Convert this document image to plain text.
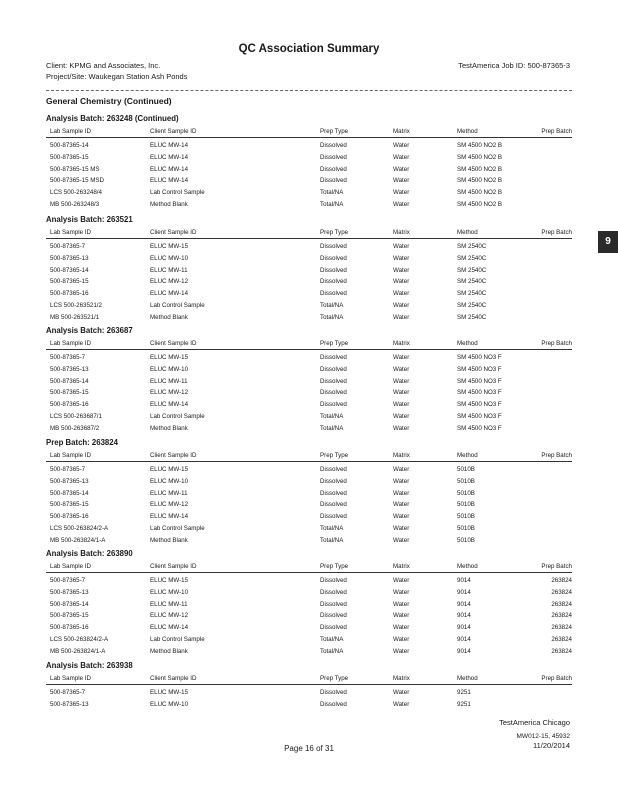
QC Association Summary
Client: KPMG and Associates, Inc.
Project/Site: Waukegan Station Ash Ponds
TestAmerica Job ID: 500-87365-3
General Chemistry (Continued)
Analysis Batch: 263248 (Continued)
Lab Sample ID	Client Sample ID	Prep Type	Matrix	Method	Prep Batch
500-87365-14	ELUC MW-14	Dissolved	Water	SM 4500 NO2 B
500-87365-15	ELUC MW-14	Dissolved	Water	SM 4500 NO2 B
500-87365-15 MS	ELUC MW-14	Dissolved	Water	SM 4500 NO2 B
500-87365-15 MSD	ELUC MW-14	Dissolved	Water	SM 4500 NO2 B
LCS 500-263248/4	Lab Control Sample	Total/NA	Water	SM 4500 NO2 B
MB 500-263248/3	Method Blank	Total/NA	Water	SM 4500 NO2 B
Analysis Batch: 263521
Lab Sample ID	Client Sample ID	Prep Type	Matrix	Method	Prep Batch
500-87365-7	ELUC MW-15	Dissolved	Water	SM 2540C
500-87365-13	ELUC MW-10	Dissolved	Water	SM 2540C
500-87365-14	ELUC MW-11	Dissolved	Water	SM 2540C
500-87365-15	ELUC MW-12	Dissolved	Water	SM 2540C
500-87365-16	ELUC MW-14	Dissolved	Water	SM 2540C
LCS 500-263521/2	Lab Control Sample	Total/NA	Water	SM 2540C
MB 500-263521/1	Method Blank	Total/NA	Water	SM 2540C
Analysis Batch: 263687
Lab Sample ID	Client Sample ID	Prep Type	Matrix	Method	Prep Batch
500-87365-7	ELUC MW-15	Dissolved	Water	SM 4500 NO3 F
500-87365-13	ELUC MW-10	Dissolved	Water	SM 4500 NO3 F
500-87365-14	ELUC MW-11	Dissolved	Water	SM 4500 NO3 F
500-87365-15	ELUC MW-12	Dissolved	Water	SM 4500 NO3 F
500-87365-16	ELUC MW-14	Dissolved	Water	SM 4500 NO3 F
LCS 500-263687/1	Lab Control Sample	Total/NA	Water	SM 4500 NO3 F
MB 500-263687/2	Method Blank	Total/NA	Water	SM 4500 NO3 F
Prep Batch: 263824
Lab Sample ID	Client Sample ID	Prep Type	Matrix	Method	Prep Batch
500-87365-7	ELUC MW-15	Dissolved	Water	5010B
500-87365-13	ELUC MW-10	Dissolved	Water	5010B
500-87365-14	ELUC MW-11	Dissolved	Water	5010B
500-87365-15	ELUC MW-12	Dissolved	Water	5010B
500-87365-16	ELUC MW-14	Dissolved	Water	5010B
LCS 500-263824/2-A	Lab Control Sample	Total/NA	Water	5010B
MB 500-263824/1-A	Method Blank	Total/NA	Water	5010B
Analysis Batch: 263890
Lab Sample ID	Client Sample ID	Prep Type	Matrix	Method	Prep Batch
500-87365-7	ELUC MW-15	Dissolved	Water	9014	263824
500-87365-13	ELUC MW-10	Dissolved	Water	9014	263824
500-87365-14	ELUC MW-11	Dissolved	Water	9014	263824
500-87365-15	ELUC MW-12	Dissolved	Water	9014	263824
500-87365-16	ELUC MW-14	Dissolved	Water	9014	263824
LCS 500-263824/2-A	Lab Control Sample	Total/NA	Water	9014	263824
MB 500-263824/1-A	Method Blank	Total/NA	Water	9014	263824
Analysis Batch: 263938
Lab Sample ID	Client Sample ID	Prep Type	Matrix	Method	Prep Batch
500-87365-7	ELUC MW-15	Dissolved	Water	9251
500-87365-13	ELUC MW-10	Dissolved	Water	9251
9
TestAmerica Chicago
MW012-15, 45932
11/20/2014
Page 16 of 31
